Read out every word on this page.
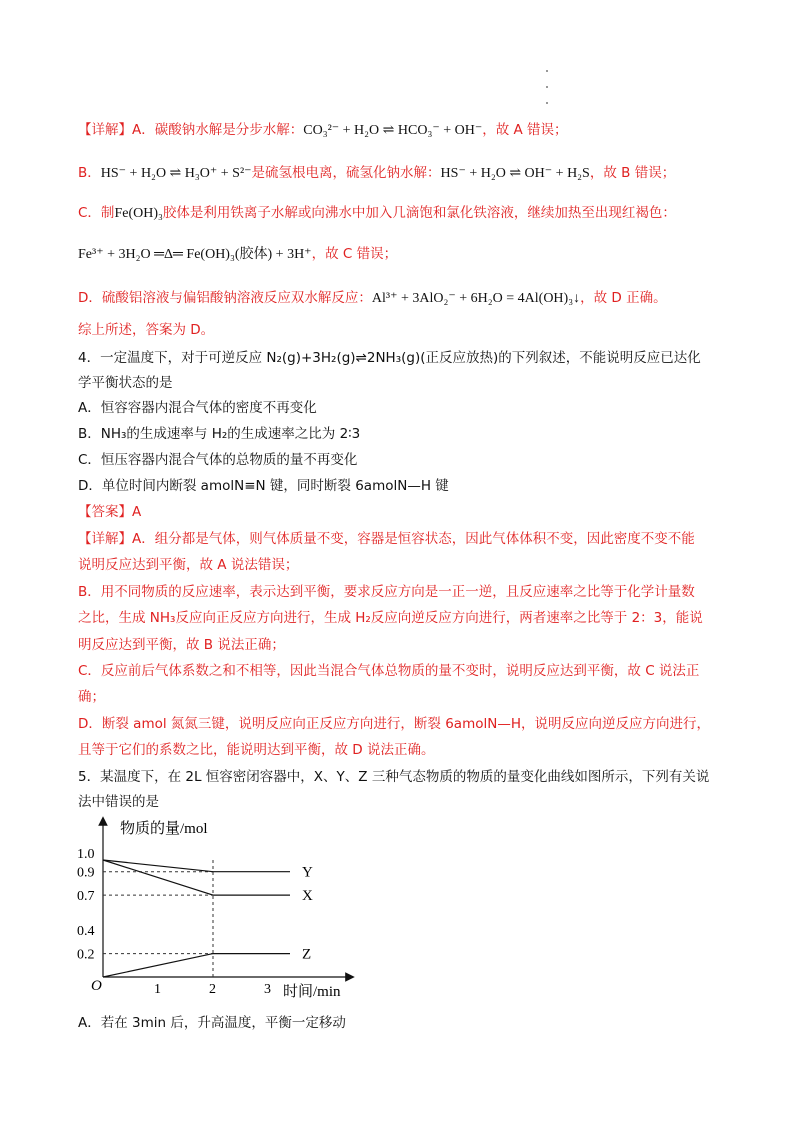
【详解】A．碳酸钠水解是分步水解：CO₃²⁻ + H₂O ⇌ HCO₃⁻ + OH⁻，故 A 错误；
B．HS⁻ + H₂O ⇌ H₃O⁺ + S²⁻是硫氢根电离，硫氢化钠水解：HS⁻ + H₂O ⇌ OH⁻ + H₂S，故 B 错误；
C．制Fe(OH)₃胶体是利用铁离子水解或向沸水中加入几滴饱和氯化铁溶液，继续加热至出现红褐色：
Fe³⁺ + 3H₂O ═Δ═ Fe(OH)₃(胶体) + 3H⁺，故 C 错误；
D．硫酸铝溶液与偏铝酸钠溶液反应双水解反应：Al³⁺ + 3AlO₂⁻ + 6H₂O = 4Al(OH)₃↓，故 D 正确。
综上所述，答案为 D。
4．一定温度下，对于可逆反应 N₂(g)+3H₂(g)⇌2NH₃(g)(正反应放热)的下列叙述，不能说明反应已达化
学平衡状态的是
A．恒容容器内混合气体的密度不再变化
B．NH₃的生成速率与 H₂的生成速率之比为 2∶3
C．恒压容器内混合气体的总物质的量不再变化
D．单位时间内断裂 amolN≡N 键，同时断裂 6amolN—H 键
【答案】A
【详解】A．组分都是气体，则气体质量不变，容器是恒容状态，因此气体体积不变，因此密度不变不能
说明反应达到平衡，故 A 说法错误；
B．用不同物质的反应速率，表示达到平衡，要求反应方向是一正一逆，且反应速率之比等于化学计量数
之比，生成 NH₃反应向正反应方向进行，生成 H₂反应向逆反应方向进行，两者速率之比等于 2：3，能说
明反应达到平衡，故 B 说法正确；
C．反应前后气体系数之和不相等，因此当混合气体总物质的量不变时，说明反应达到平衡，故 C 说法正
确；
D．断裂 amol 氮氮三键，说明反应向正反应方向进行，断裂 6amolN—H，说明反应向逆反应方向进行，
且等于它们的系数之比，能说明达到平衡，故 D 说法正确。
5．某温度下，在 2L 恒容密闭容器中，X、Y、Z 三种气态物质的物质的量变化曲线如图所示，下列有关说
法中错误的是
物质的量/mol
时间/min
O
0.2
0.4
0.7
0.9
1.0
1	2	3
Y
X
Z
A．若在 3min 后，升高温度，平衡一定移动
